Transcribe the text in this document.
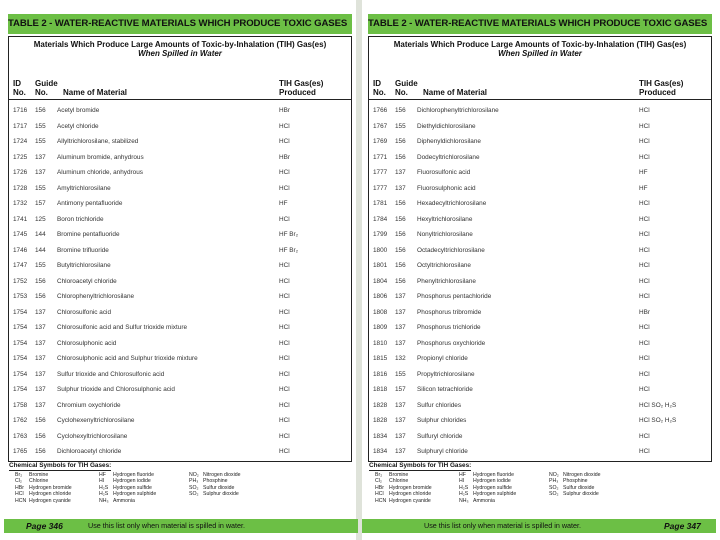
TABLE 2 - WATER-REACTIVE MATERIALS WHICH PRODUCE TOXIC GASES
Materials Which Produce Large Amounts of Toxic-by-Inhalation (TIH) Gas(es)
When Spilled in Water
ID
No.
Guide
No.	Name of Material
TIH Gas(es)
Produced
1716	156	Acetyl bromide	HBr
1717	155	Acetyl chloride	HCl
1724	155	Allyltrichlorosilane, stabilized	HCl
1725	137	Aluminum bromide, anhydrous	HBr
1726	137	Aluminum chloride, anhydrous	HCl
1728	155	Amyltrichlorosilane	HCl
1732	157	Antimony pentafluoride	HF
1741	125	Boron trichloride	HCl
1745	144	Bromine pentafluoride	HF Br₂
1746	144	Bromine trifluoride	HF Br₂
1747	155	Butyltrichlorosilane	HCl
1752	156	Chloroacetyl chloride	HCl
1753	156	Chlorophenyltrichlorosilane	HCl
1754	137	Chlorosulfonic acid	HCl
1754	137	Chlorosulfonic acid and Sulfur trioxide mixture	HCl
1754	137	Chlorosulphonic acid	HCl
1754	137	Chlorosulphonic acid and Sulphur trioxide mixture	HCl
1754	137	Sulfur trioxide and Chlorosulfonic acid	HCl
1754	137	Sulphur trioxide and Chlorosulphonic acid	HCl
1758	137	Chromium oxychloride	HCl
1762	156	Cyclohexenyltrichlorosilane	HCl
1763	156	Cyclohexyltrichlorosilane	HCl
1765	156	Dichloroacetyl chloride	HCl
Chemical Symbols for TIH Gases:
Br₂ Bromine
Cl₂ Chlorine
HBr Hydrogen bromide
HCl Hydrogen chloride
HCN Hydrogen cyanide
HF Hydrogen fluoride
HI Hydrogen iodide
H₂S Hydrogen sulfide
H₂S Hydrogen sulphide
NH₃ Ammonia
NO₂ Nitrogen dioxide
PH₃ Phosphine
SO₂ Sulfur dioxide
SO₂ Sulphur dioxide
TABLE 2 - WATER-REACTIVE MATERIALS WHICH PRODUCE TOXIC GASES
Materials Which Produce Large Amounts of Toxic-by-Inhalation (TIH) Gas(es)
When Spilled in Water
ID
No.
Guide
No.	Name of Material
TIH Gas(es)
Produced
1766	156	Dichlorophenyltrichlorosilane	HCl
1767	155	Diethyldichlorosilane	HCl
1769	156	Diphenyldichlorosilane	HCl
1771	156	Dodecyltrichlorosilane	HCl
1777	137	Fluorosulfonic acid	HF
1777	137	Fluorosulphonic acid	HF
1781	156	Hexadecyltrichlorosilane	HCl
1784	156	Hexyltrichlorosilane	HCl
1799	156	Nonyltrichlorosilane	HCl
1800	156	Octadecyltrichlorosilane	HCl
1801	156	Octyltrichlorosilane	HCl
1804	156	Phenyltrichlorosilane	HCl
1806	137	Phosphorus pentachloride	HCl
1808	137	Phosphorus tribromide	HBr
1809	137	Phosphorus trichloride	HCl
1810	137	Phosphorus oxychloride	HCl
1815	132	Propionyl chloride	HCl
1816	155	Propyltrichlorosilane	HCl
1818	157	Silicon tetrachloride	HCl
1828	137	Sulfur chlorides	HCl SO₂ H₂S
1828	137	Sulphur chlorides	HCl SO₂ H₂S
1834	137	Sulfuryl chloride	HCl
1834	137	Sulphuryl chloride	HCl
Chemical Symbols for TIH Gases:
Br₂ Bromine
Cl₂ Chlorine
HBr Hydrogen bromide
HCl Hydrogen chloride
HCN Hydrogen cyanide
HF Hydrogen fluoride
HI Hydrogen iodide
H₂S Hydrogen sulfide
H₂S Hydrogen sulphide
NH₃ Ammonia
NO₂ Nitrogen dioxide
PH₃ Phosphine
SO₂ Sulfur dioxide
SO₂ Sulphur dioxide
Page 346	Use this list only when material is spilled in water.	Use this list only when material is spilled in water.	Page 347
